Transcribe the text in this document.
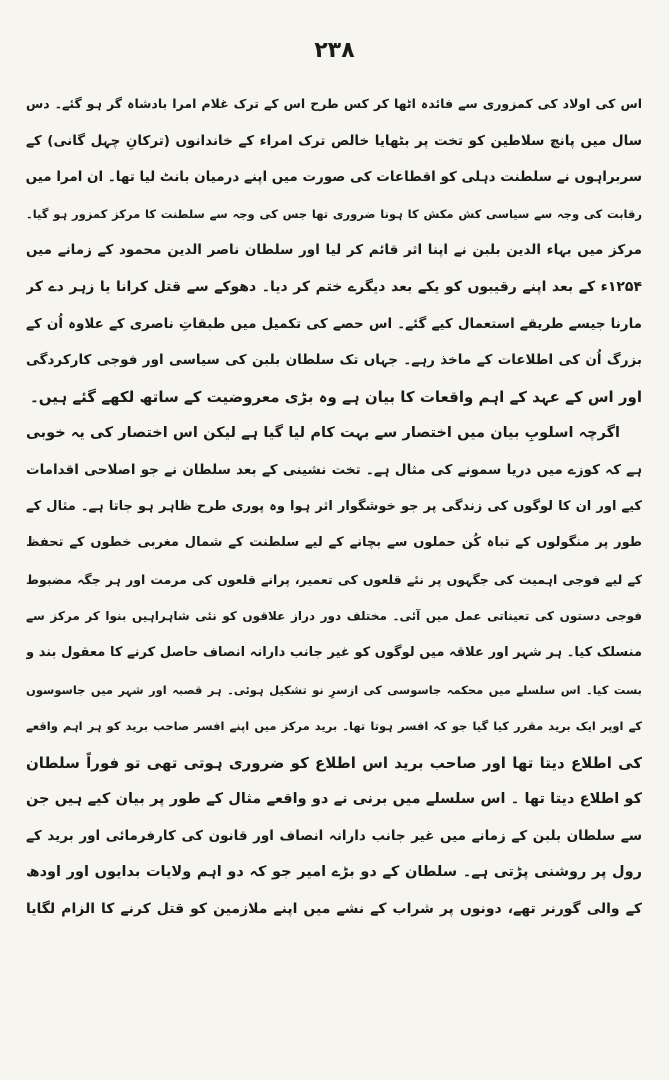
۲۳۸
اس کی اولاد کی کمزوری سے فائدہ اٹھا کر کس طرح اس کے ترک غلام امرا بادشاہ گر ہو گئے۔ دس
سال میں پانچ سلاطین کو تخت پر بٹھایا خالص ترک امراء کے خاندانوں (ترکانِ چہل گانی) کے
سربراہوں نے سلطنت دہلی کو اقطاعات کی صورت میں اپنے درمیان بانٹ لیا تھا۔ ان امرا میں
رقابت کی وجہ سے سیاسی کش مکش کا ہونا ضروری تھا جس کی وجہ سے سلطنت کا مرکز کمزور ہو گیا۔
مرکز میں بہاء الدین بلبن نے اپنا اثر قائم کر لیا اور سلطان ناصر الدین محمود کے زمانے میں
۱۲۵۴ء کے بعد اپنے رقیبوں کو یکے بعد دیگرے ختم کر دیا۔ دھوکے سے قتل کرانا یا زہر دے کر
مارنا جیسے طریقے استعمال کیے گئے۔ اس حصے کی تکمیل میں طبقاتِ ناصری کے علاوہ اُن کے
بزرگ اُن کی اطلاعات کے ماخذ رہے۔ جہاں تک سلطان بلبن کی سیاسی اور فوجی کارکردگی
اور اس کے عہد کے اہم واقعات کا بیان ہے وہ بڑی معروضیت کے ساتھ لکھے گئے ہیں۔
اگرچہ اسلوبِ بیان میں اختصار سے بہت کام لیا گیا ہے لیکن اس اختصار کی یہ خوبی
ہے کہ کوزے میں دریا سمونے کی مثال ہے۔ تخت نشینی کے بعد سلطان نے جو اصلاحی اقدامات
کیے اور ان کا لوگوں کی زندگی پر جو خوشگوار اثر ہوا وہ پوری طرح ظاہر ہو جاتا ہے۔ مثال کے
طور پر منگولوں کے تباہ کُن حملوں سے بچانے کے لیے سلطنت کے شمال مغربی خطوں کے تحفظ
کے لیے فوجی اہمیت کی جگہوں پر نئے قلعوں کی تعمیر، پرانے قلعوں کی مرمت اور ہر جگہ مضبوط
فوجی دستوں کی تعیناتی عمل میں آئی۔ مختلف دور دراز علاقوں کو نئی شاہراہیں بنوا کر مرکز سے
منسلک کیا۔ ہر شہر اور علاقہ میں لوگوں کو غیر جانب دارانہ انصاف حاصل کرنے کا معقول بند و
بست کیا۔ اس سلسلے میں محکمہ جاسوسی کی ازسرِ نو تشکیل ہوئی۔ ہر قصبہ اور شہر میں جاسوسوں
کے اوپر ایک برید مقرر کیا گیا جو کہ افسر ہوتا تھا۔ برید مرکز میں اپنے افسر صاحب برید کو ہر اہم واقعے
کی اطلاع دیتا تھا اور صاحب برید اس اطلاع کو ضروری ہوتی تھی تو فوراً سلطان
کو اطلاع دیتا تھا ۔ اس سلسلے میں برنی نے دو واقعے مثال کے طور پر بیان کیے ہیں جن
سے سلطان بلبن کے زمانے میں غیر جانب دارانہ انصاف اور قانون کی کارفرمائی اور برید کے
رول پر روشنی پڑتی ہے۔ سلطان کے دو بڑے امیر جو کہ دو اہم ولایات بدایوں اور اودھ
کے والی گورنر تھے، دونوں پر شراب کے نشے میں اپنے ملازمین کو قتل کرنے کا الزام لگایا
